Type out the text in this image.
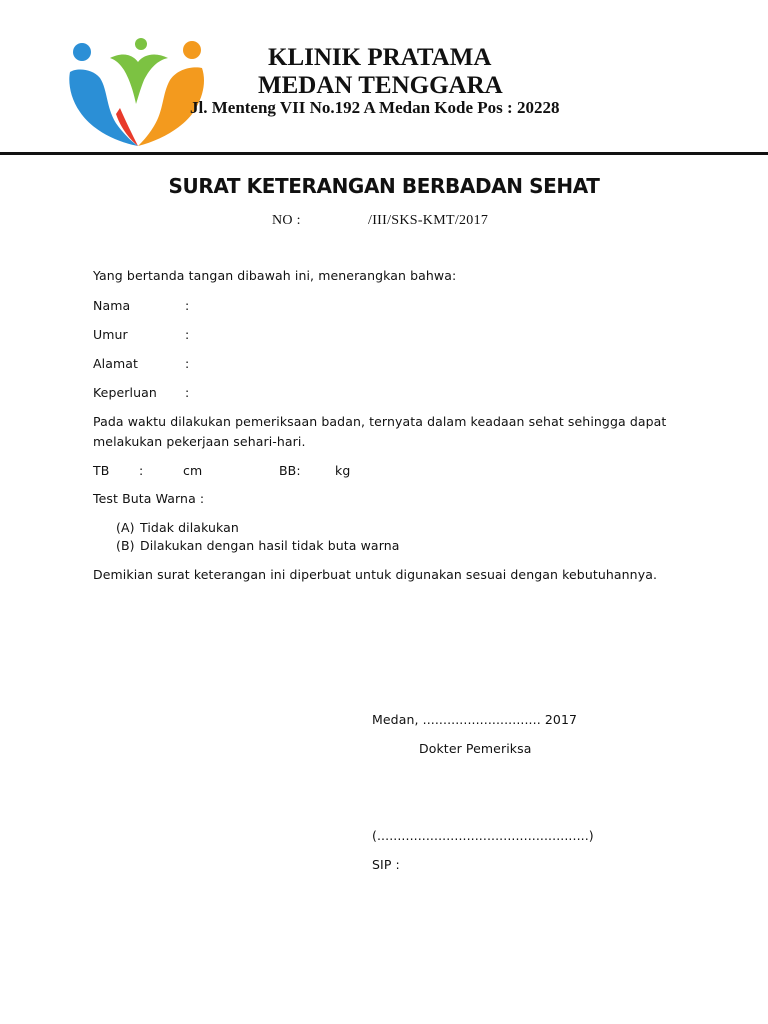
KLINIK PRATAMA
MEDAN TENGGARA
Jl. Menteng VII No.192 A Medan Kode Pos : 20228
SURAT KETERANGAN BERBADAN SEHAT
NO :	/III/SKS-KMT/2017
Yang bertanda tangan dibawah ini, menerangkan bahwa:
Nama	:
Umur	:
Alamat	:
Keperluan :
Pada waktu dilakukan pemeriksaan badan, ternyata dalam keadaan sehat sehingga dapat
melakukan pekerjaan sehari-hari.
TB :	cm	BB:	kg
Test Buta Warna :
(A) Tidak dilakukan
(B) Dilakukan dengan hasil tidak buta warna
Demikian surat keterangan ini diperbuat untuk digunakan sesuai dengan kebutuhannya.
Medan, ............................. 2017
Dokter Pemeriksa
(....................................................)
SIP :
